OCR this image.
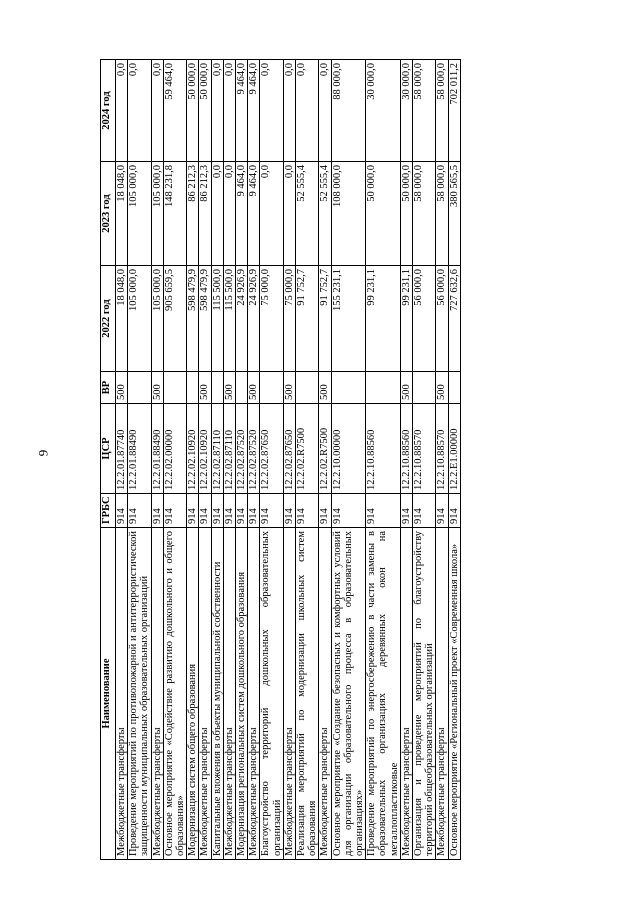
9
Наименование	ГРБС	ЦСР	ВР	2022 год	2023 год	2024 год
Межбюджетные трансферты	914	12.2.01.87740	500	18 048,0	18 048,0	0,0
Проведение мероприятий по противопожарной и антитеррористической защищенности муниципальных образовательных организаций	914	12.2.01.88490		105 000,0	105 000,0	0,0
Межбюджетные трансферты	914	12.2.01.88490	500	105 000,0	105 000,0	0,0
Основное мероприятие «Содействие развитию дошкольного и общего образования»	914	12.2.02.00000		905 659,5	148 231,8	59 464,0
Модернизация систем общего образования	914	12.2.02.10920		598 479,9	86 212,3	50 000,0
Межбюджетные трансферты	914	12.2.02.10920	500	598 479,9	86 212,3	50 000,0
Капитальные вложения в объекты муниципальной собственности	914	12.2.02.87110		115 500,0	0,0	0,0
Межбюджетные трансферты	914	12.2.02.87110	500	115 500,0	0,0	0,0
Модернизация региональных систем дошкольного образования	914	12.2.02.87520		24 926,9	9 464,0	9 464,0
Межбюджетные трансферты	914	12.2.02.87520	500	24 926,9	9 464,0	9 464,0
Благоустройство территорий дошкольных образовательных организаций	914	12.2.02.87650		75 000,0	0,0	0,0
Межбюджетные трансферты	914	12.2.02.87650	500	75 000,0	0,0	0,0
Реализация мероприятий по модернизации школьных систем образования	914	12.2.02.R7500		91 752,7	52 555,4	0,0
Межбюджетные трансферты	914	12.2.02.R7500	500	91 752,7	52 555,4	0,0
Основное мероприятие «Создание безопасных и комфортных условий для организации образовательного процесса в образовательных организациях»	914	12.2.10.00000		155 231,1	108 000,0	88 000,0
Проведение мероприятий по энергосбережению в части замены в образовательных организациях деревянных окон на металлопластиковые	914	12.2.10.88560		99 231,1	50 000,0	30 000,0
Межбюджетные трансферты	914	12.2.10.88560	500	99 231,1	50 000,0	30 000,0
Организация и проведение мероприятий по благоустройству территорий общеобразовательных организаций	914	12.2.10.88570		56 000,0	58 000,0	58 000,0
Межбюджетные трансферты	914	12.2.10.88570	500	56 000,0	58 000,0	58 000,0
Основное мероприятие «Региональный проект «Современная школа»	914	12.2.E1.00000		727 632,6	380 565,5	702 011,2
